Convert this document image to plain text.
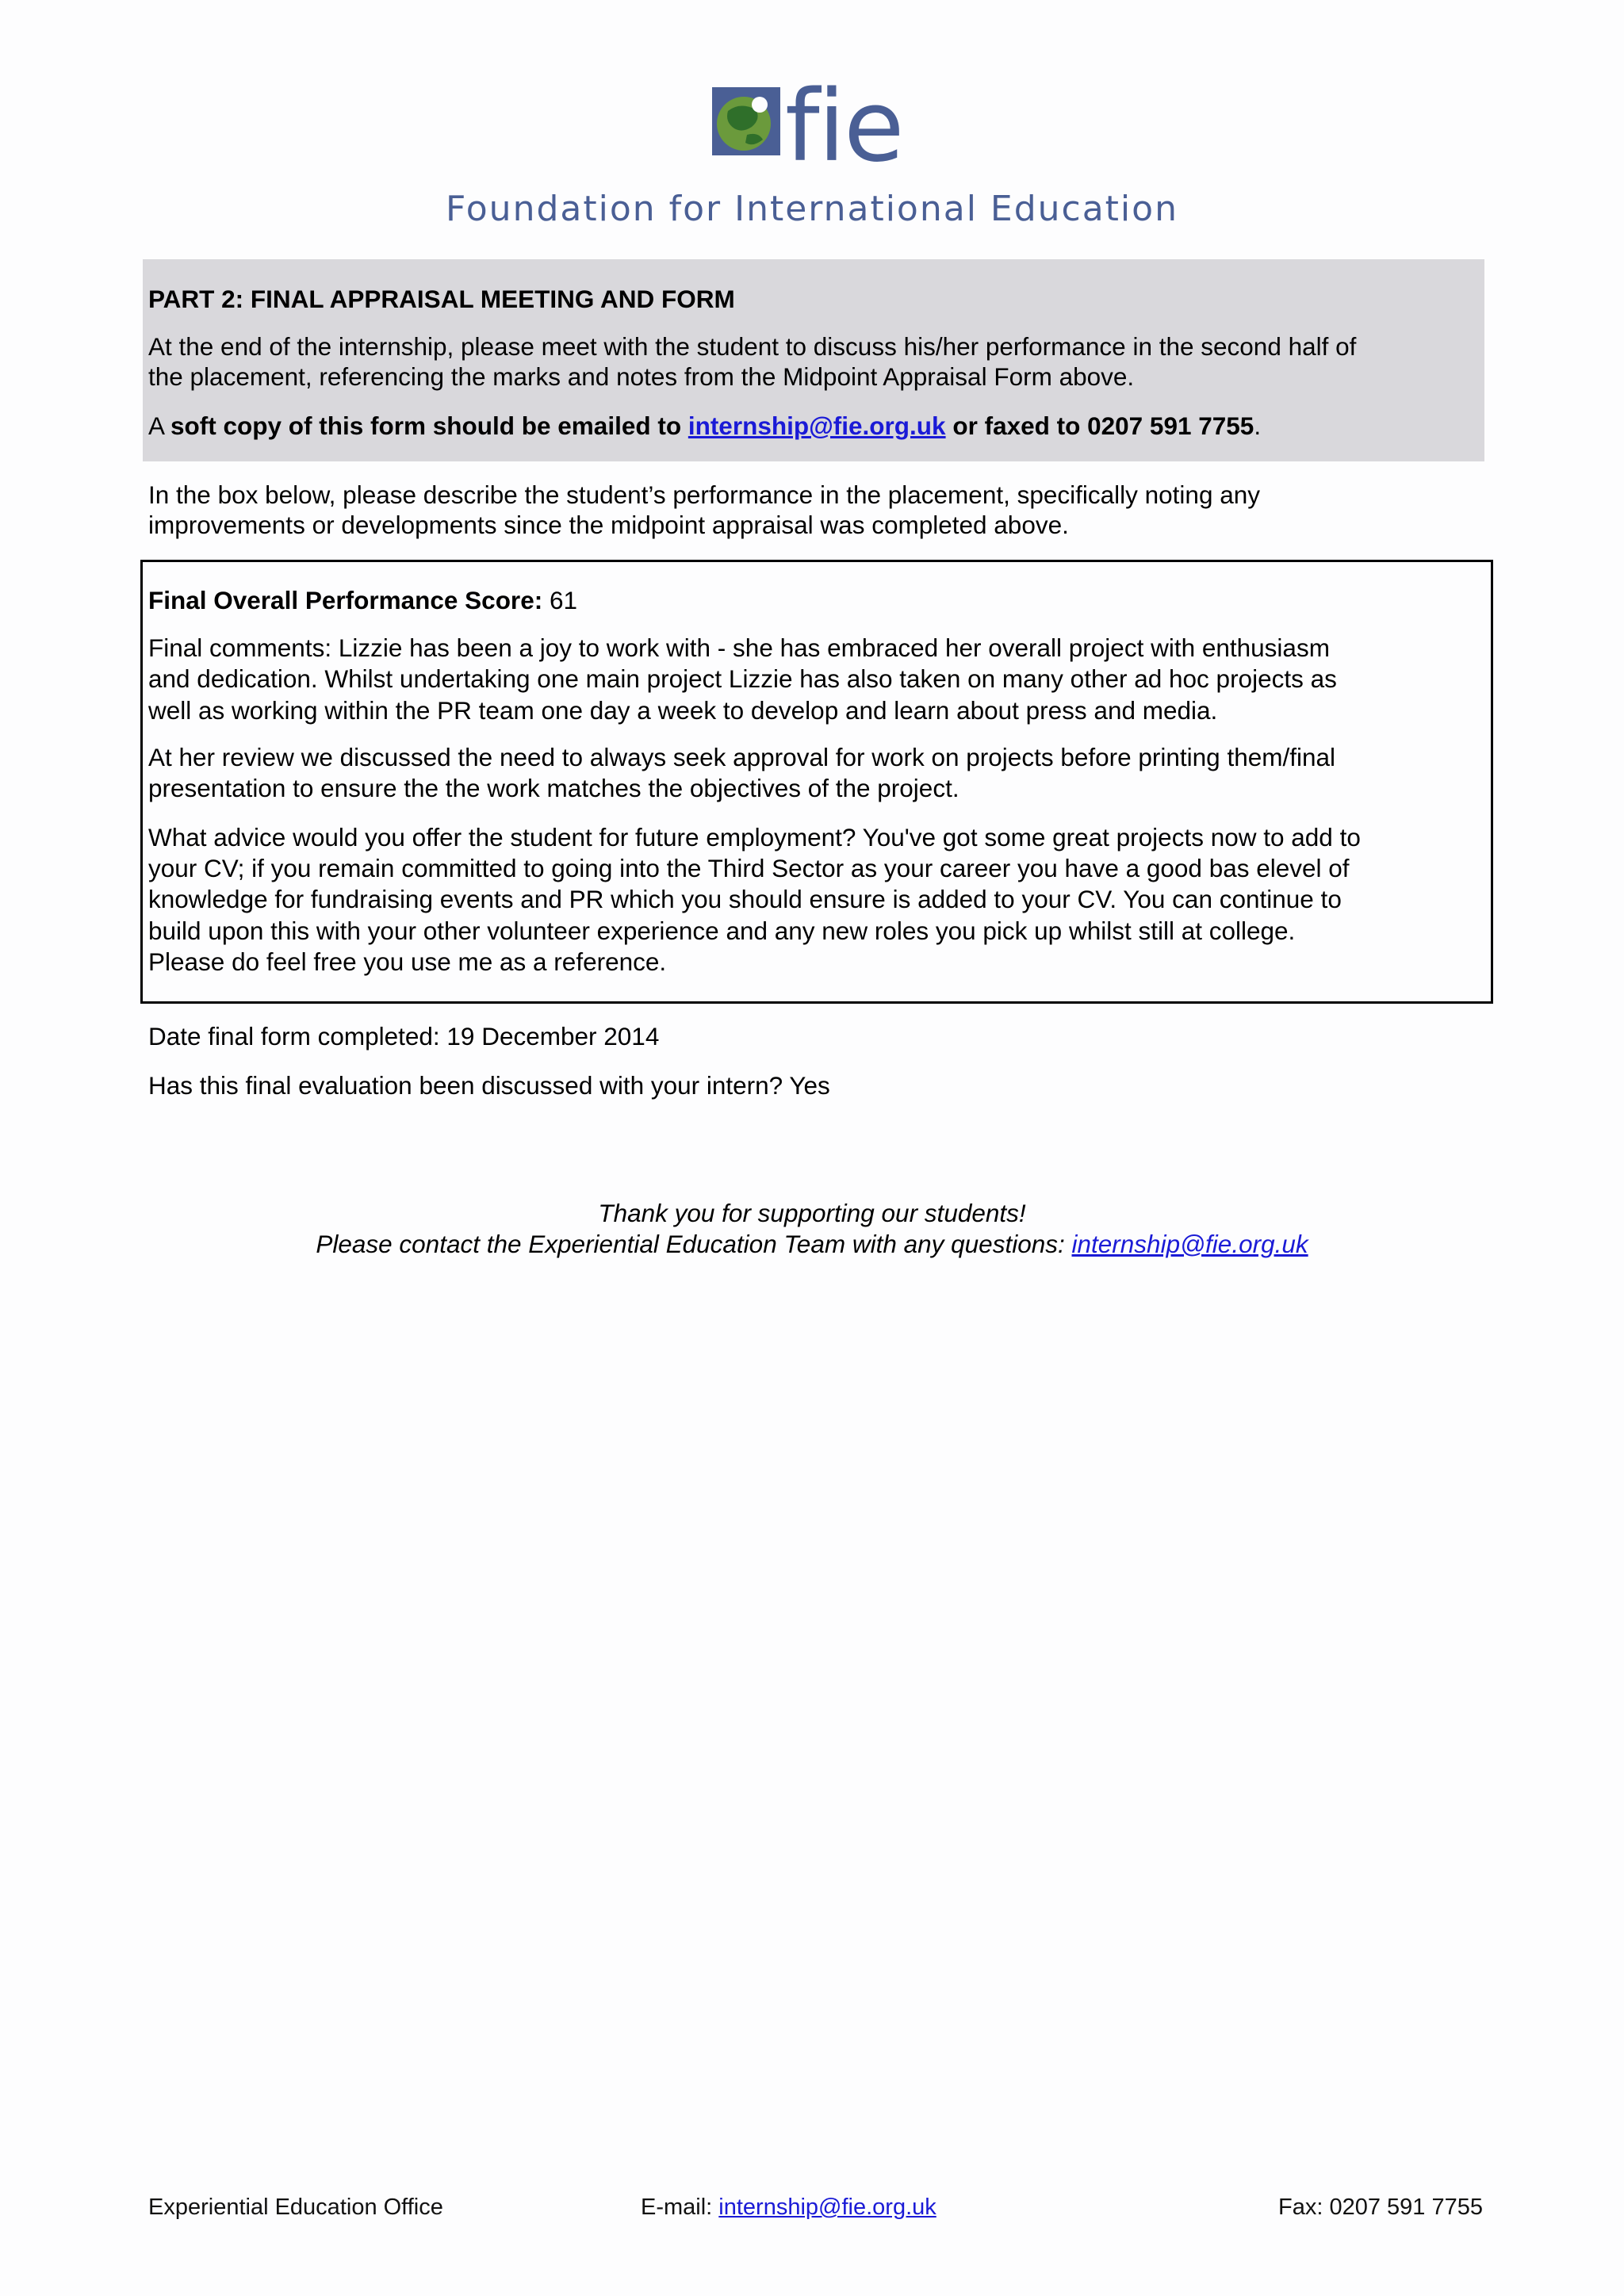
fie
Foundation for International Education
PART 2: FINAL APPRAISAL MEETING AND FORM
At the end of the internship, please meet with the student to discuss his/her performance in the second half of
the placement, referencing the marks and notes from the Midpoint Appraisal Form above.
A soft copy of this form should be emailed to internship@fie.org.uk or faxed to 0207 591 7755.
In the box below, please describe the student’s performance in the placement, specifically noting any
improvements or developments since the midpoint appraisal was completed above.
Final Overall Performance Score: 61
Final comments: Lizzie has been a joy to work with - she has embraced her overall project with enthusiasm
and dedication. Whilst undertaking one main project Lizzie has also taken on many other ad hoc projects as
well as working within the PR team one day a week to develop and learn about press and media.
At her review we discussed the need to always seek approval for work on projects before printing them/final
presentation to ensure the the work matches the objectives of the project.
What advice would you offer the student for future employment? You've got some great projects now to add to
your CV; if you remain committed to going into the Third Sector as your career you have a good bas elevel of
knowledge for fundraising events and PR which you should ensure is added to your CV. You can continue to
build upon this with your other volunteer experience and any new roles you pick up whilst still at college.
Please do feel free you use me as a reference.
Date final form completed: 19 December 2014
Has this final evaluation been discussed with your intern? Yes
Thank you for supporting our students!
Please contact the Experiential Education Team with any questions: internship@fie.org.uk
Experiential Education Office	E-mail: internship@fie.org.uk	Fax: 0207 591 7755
